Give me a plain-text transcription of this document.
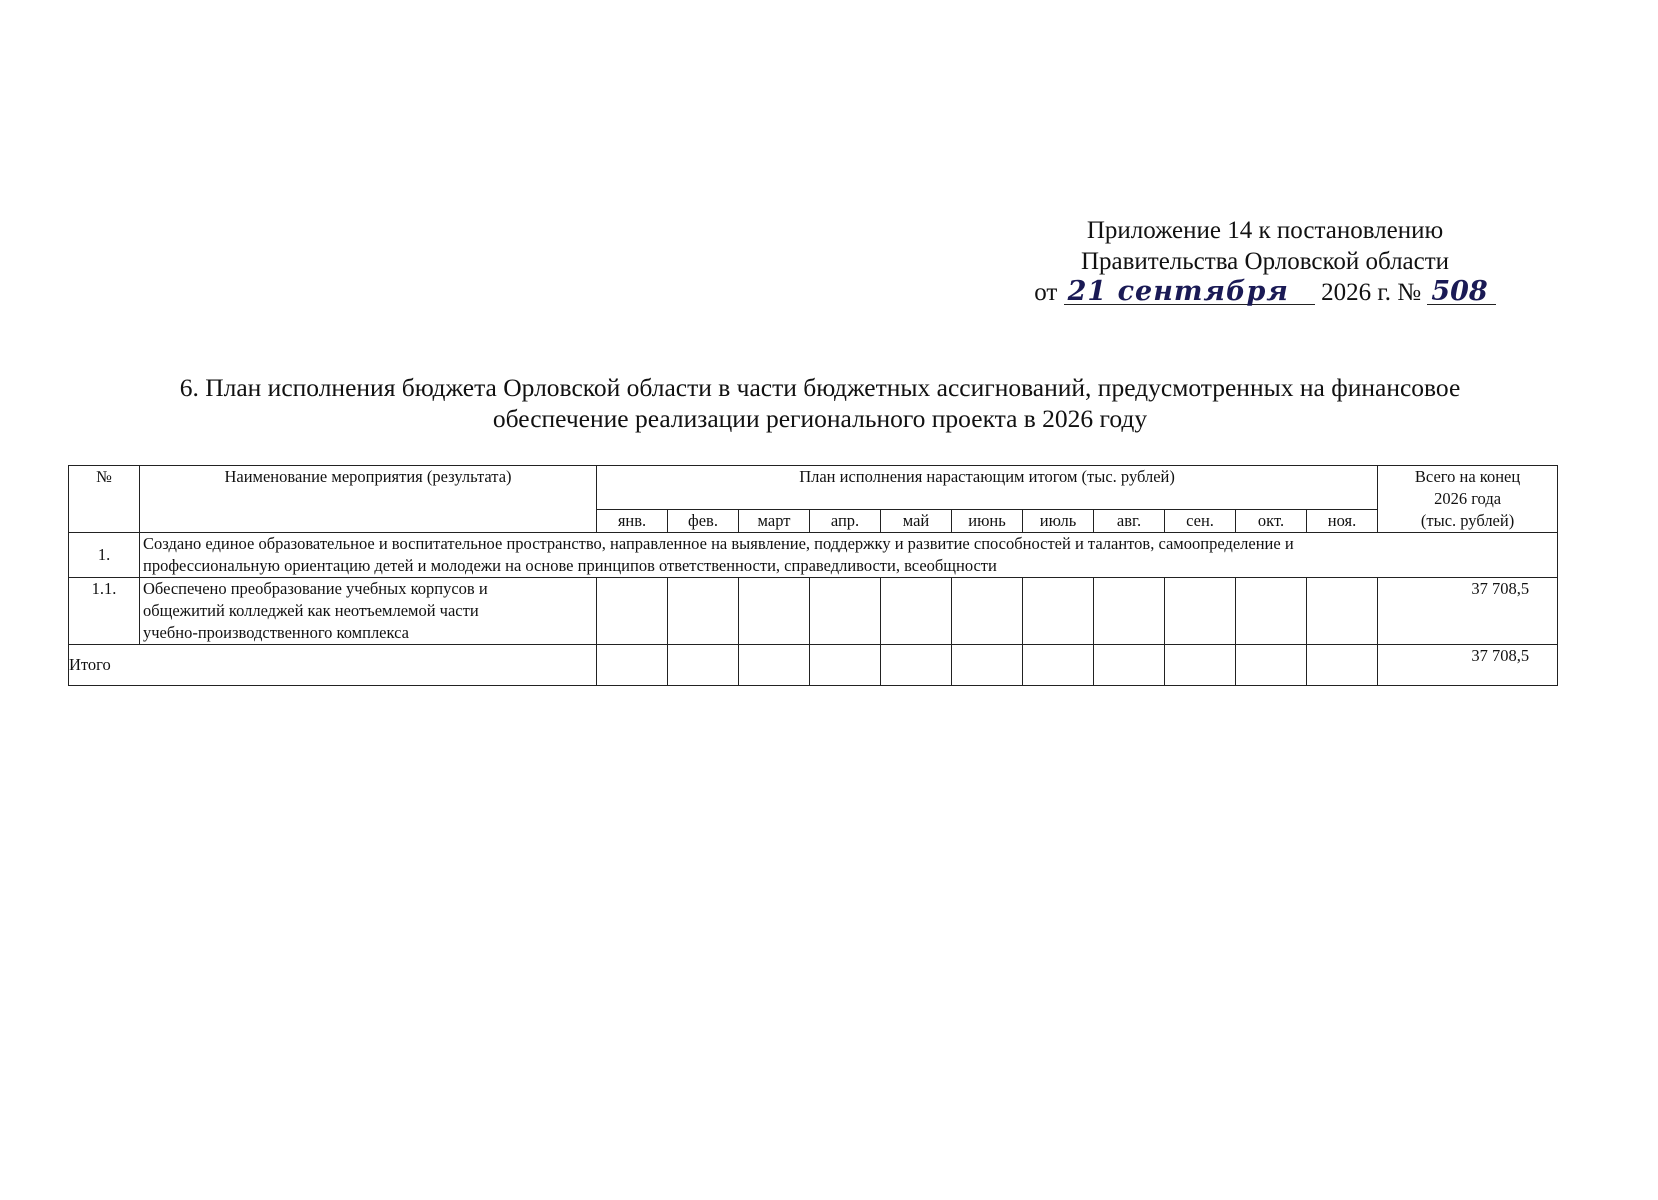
Приложение 14 к постановлению
Правительства Орловской области
от 21 сентября 2026 г. № 508
6. План исполнения бюджета Орловской области в части бюджетных ассигнований, предусмотренных на финансовое
обеспечение реализации регионального проекта в 2026 году
№	Наименование мероприятия (результата)	План исполнения нарастающим итогом (тыс. рублей)											Всего на конец
2026 года
(тыс. рублей)

		янв.	фев.	март	апр.	май	июнь	июль	авг.	сен.	окт.	ноя.	
1.	Создано единое образовательное и воспитательное пространство, направленное на выявление, поддержку и развитие способностей и талантов, самоопределение и
профессиональную ориентацию детей и молодежи на основе принципов ответственности, справедливости, всеобщности												

1.1.	Обеспечено преобразование учебных корпусов и
общежитий колледжей как неотъемлемой части
учебно-производственного комплекса												37 708,5
Итого													37 708,5
